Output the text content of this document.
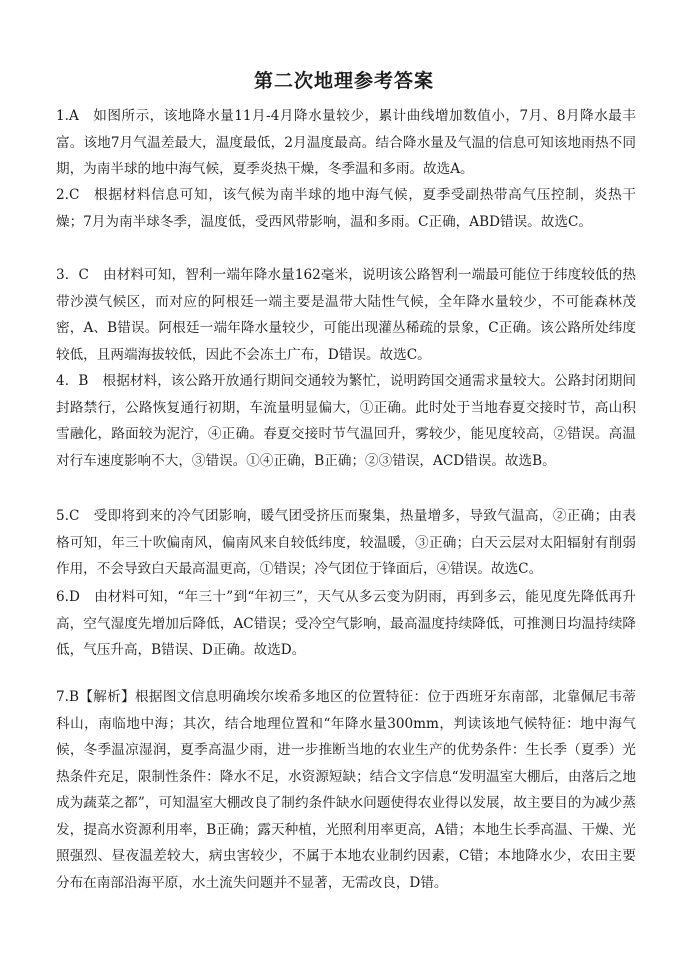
第二次地理参考答案
1.A 如图所示，该地降水量11月-4月降水量较少，累计曲线增加数值小，7月、8月降水最丰富。该地7月气温差最大，温度最低，2月温度最高。结合降水量及气温的信息可知该地雨热不同期，为南半球的地中海气候，夏季炎热干燥，冬季温和多雨。故选A。
2.C 根据材料信息可知，该气候为南半球的地中海气候，夏季受副热带高气压控制，炎热干燥；7月为南半球冬季，温度低，受西风带影响，温和多雨。C正确，ABD错误。故选C。
3．C 由材料可知，智利一端年降水量162毫米，说明该公路智利一端最可能位于纬度较低的热带沙漠气候区，而对应的阿根廷一端主要是温带大陆性气候，全年降水量较少，不可能森林茂密，A、B错误。阿根廷一端年降水量较少，可能出现灌丛稀疏的景象，C正确。该公路所处纬度较低，且两端海拔较低，因此不会冻土广布，D错误。故选C。
4．B 根据材料，该公路开放通行期间交通较为繁忙，说明跨国交通需求量较大。公路封闭期间封路禁行，公路恢复通行初期，车流量明显偏大，①正确。此时处于当地春夏交接时节，高山积雪融化，路面较为泥泞，④正确。春夏交接时节气温回升，雾较少，能见度较高，②错误。高温对行车速度影响不大，③错误。①④正确，B正确；②③错误，ACD错误。故选B。
5.C 受即将到来的冷气团影响，暖气团受挤压而聚集，热量增多，导致气温高，②正确；由表格可知，年三十吹偏南风，偏南风来自较低纬度，较温暖，③正确；白天云层对太阳辐射有削弱作用，不会导致白天最高温更高，①错误；冷气团位于锋面后，④错误。故选C。
6.D 由材料可知，“年三十”到“年初三”，天气从多云变为阴雨，再到多云，能见度先降低再升高，空气湿度先增加后降低，AC错误；受冷空气影响，最高温度持续降低，可推测日均温持续降低，气压升高，B错误、D正确。故选D。
7.B【解析】根据图文信息明确埃尔埃希多地区的位置特征：位于西班牙东南部，北靠佩尼韦蒂科山，南临地中海；其次，结合地理位置和“年降水量300mm，判读该地气候特征：地中海气候，冬季温凉湿润，夏季高温少雨，进一步推断当地的农业生产的优势条件：生长季（夏季）光热条件充足，限制性条件：降水不足，水资源短缺；结合文字信息“发明温室大棚后，由落后之地成为蔬菜之都”，可知温室大棚改良了制约条件缺水问题使得农业得以发展，故主要目的为减少蒸发，提高水资源利用率，B正确；露天种植，光照利用率更高，A错；本地生长季高温、干燥、光照强烈、昼夜温差较大，病虫害较少，不属于本地农业制约因素，C错；本地降水少，农田主要分布在南部沿海平原，水土流失问题并不显著，无需改良，D错。
